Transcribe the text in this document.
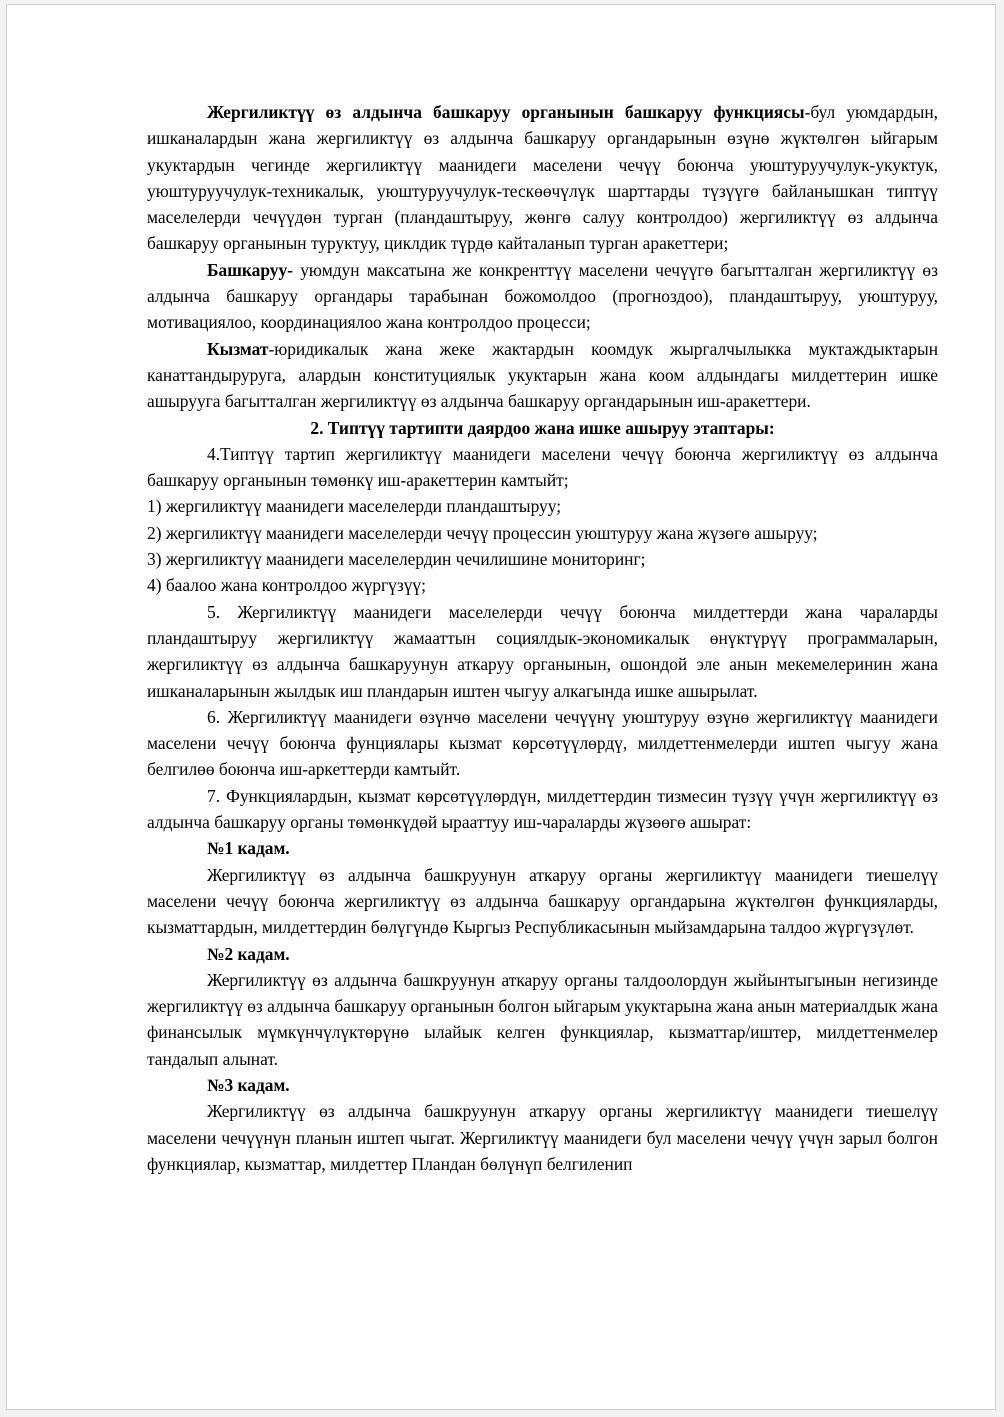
Жергиликтүү өз алдынча башкаруу органынын башкаруу функциясы-бул уюмдардын, ишканалардын жана жергиликтүү өз алдынча башкаруу органдарынын өзүнө жүктөлгөн ыйгарым укуктардын чегинде жергиликтүү маанидеги маселени чечүү боюнча уюштуруучулук-укуктук, уюштуруучулук-техникалык, уюштуруучулук-тескөөчүлүк шарттарды түзүүгө байланышкан типтүү маселелерди чечүүдөн турган (пландаштыруу, жөнгө салуу контролдоо) жергиликтүү өз алдынча башкаруу органынын туруктуу, циклдик түрдө кайталанып турган аракеттери;

Башкаруу- уюмдун максатына же конкренттүү маселени чечүүгө багытталган жергиликтүү өз алдынча башкаруу органдары тарабынан божомолдоо (прогноздоо), пландаштыруу, уюштуруу, мотивациялоо, координациялоо жана контролдоо процесси;

Кызмат-юридикалык жана жеке жактардын коомдук жыргалчылыкка муктаждыктарын канаттандыруруга, алардын конституциялык укуктарын жана коом алдындагы милдеттерин ишке ашырууга багытталган жергиликтүү өз алдынча башкаруу органдарынын иш-аракеттери.

2. Типтүү тартипти даярдоо жана ишке ашыруу этаптары:

4.Типтүү тартип жергиликтүү маанидеги маселени чечүү боюнча жергиликтүү өз алдынча башкаруу органынын төмөнкү иш-аракеттерин камтыйт;

1) жергиликтүү маанидеги маселелерди пландаштыруу;

2) жергиликтүү маанидеги маселелерди чечүү процессин уюштуруу жана жүзөгө ашыруу;

3) жергиликтүү маанидеги маселелердин чечилишине мониторинг;

4) баалоо жана контролдоо жүргүзүү;

5. Жергиликтүү маанидеги маселелерди чечүү боюнча милдеттерди жана чараларды пландаштыруу жергиликтүү жамааттын социялдык-экономикалык өнүктүрүү программаларын, жергиликтүү өз алдынча башкаруунун аткаруу органынын, ошондой эле анын мекемелеринин жана ишканаларынын жылдык иш пландарын иштен чыгуу алкагында ишке ашырылат.

6. Жергиликтүү маанидеги өзүнчө маселени чечүүнү уюштуруу өзүнө жергиликтүү маанидеги маселени чечүү боюнча фунциялары кызмат көрсөтүүлөрдү, милдеттенмелерди иштеп чыгуу жана белгилөө боюнча иш-аркеттерди камтыйт.

7. Функциялардын, кызмат көрсөтүүлөрдүн, милдеттердин тизмесин түзүү үчүн жергиликтүү өз алдынча башкаруу органы төмөнкүдөй ырааттуу иш-чараларды жүзөөгө ашырат:

№1 кадам.

Жергиликтүү өз алдынча башкруунун аткаруу органы жергиликтүү маанидеги тиешелүү маселени чечүү боюнча жергиликтүү өз алдынча башкаруу органдарына жүктөлгөн функцияларды, кызматтардын, милдеттердин бөлүгүндө Кыргыз Республикасынын мыйзамдарына талдоо жүргүзүлөт.

№2 кадам.

Жергиликтүү өз алдынча башкруунун аткаруу органы талдоолордун жыйынтыгынын негизинде жергиликтүү өз алдынча башкаруу органынын болгон ыйгарым укуктарына жана анын материалдык жана финансылык мүмкүнчүлүктөрүнө ылайык келген функциялар, кызматтар/иштер, милдеттенмелер тандалып алынат.

№3 кадам.

Жергиликтүү өз алдынча башкруунун аткаруу органы жергиликтүү маанидеги тиешелүү маселени чечүүнүн планын иштеп чыгат. Жергиликтүү маанидеги бул маселени чечүү үчүн зарыл болгон функциялар, кызматтар, милдеттер Пландан бөлүнүп белгиленип
